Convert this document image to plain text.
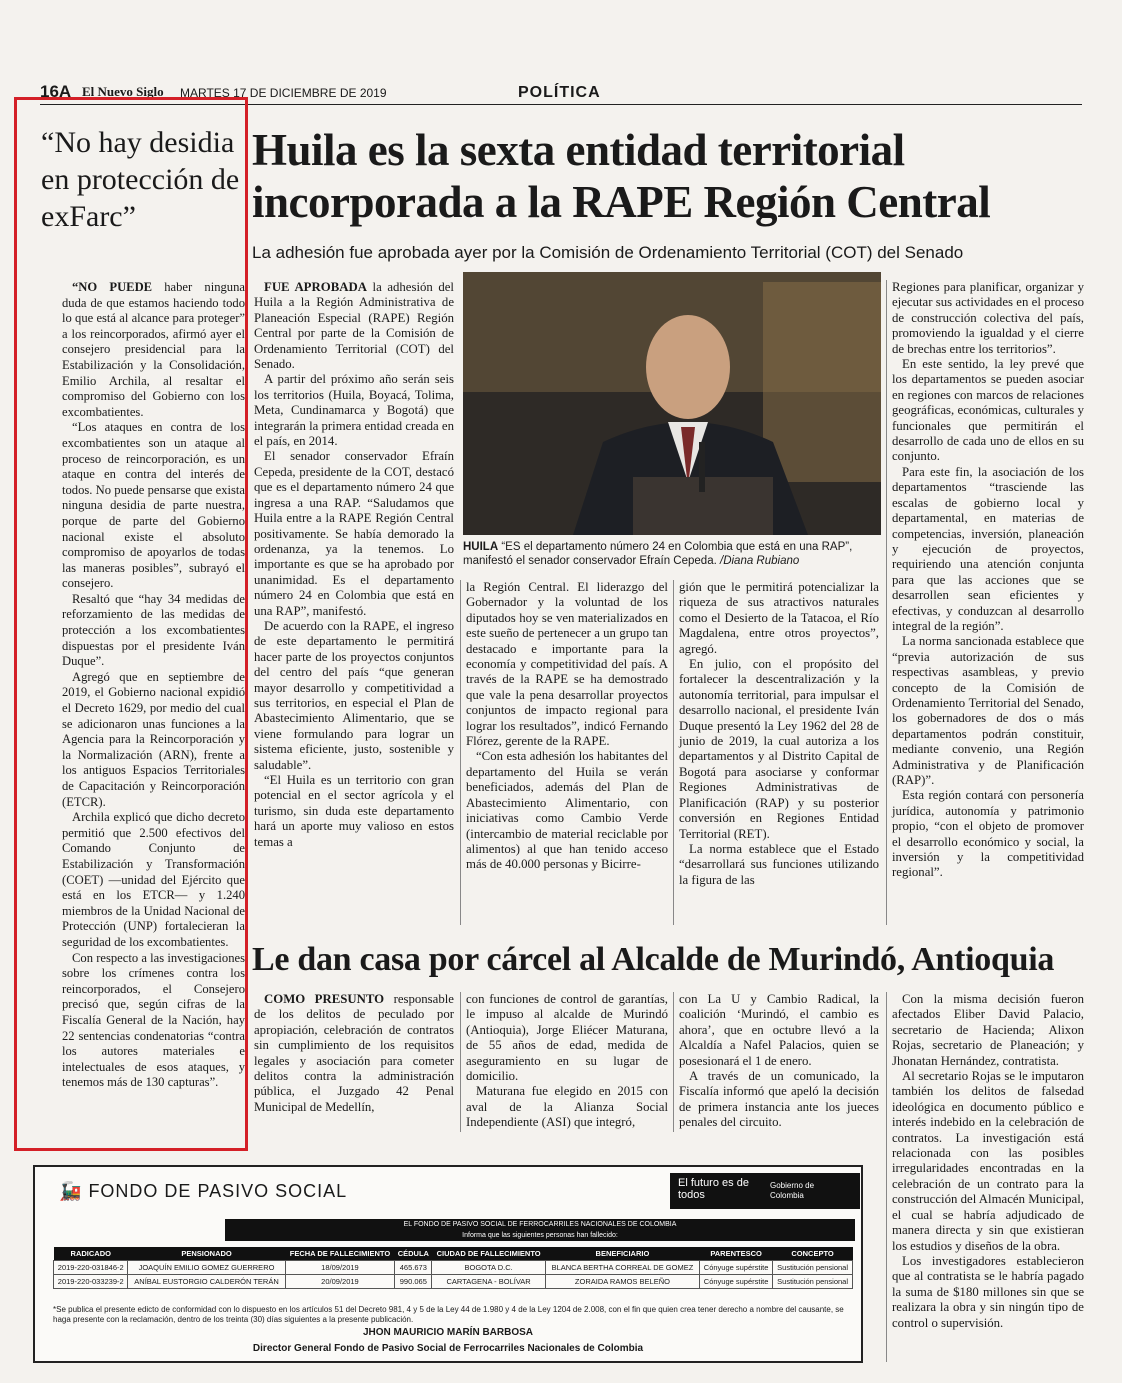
16A El Nuevo Siglo MARTES 17 DE DICIEMBRE DE 2019	POLÍTICA
“No hay desidia en protección de exFarc”

“NO PUEDE haber ninguna duda de que estamos haciendo todo lo que está al alcance para proteger” a los reincorporados, afirmó ayer el consejero presidencial para la Estabilización y la Consolidación, Emilio Archila, al resaltar el compromiso del Gobierno con los excombatientes.

“Los ataques en contra de los excombatientes son un ataque al proceso de reincorporación, es un ataque en contra del interés de todos. No puede pensarse que exista ninguna desidia de parte nuestra, porque de parte del Gobierno nacional existe el absoluto compromiso de apoyarlos de todas las maneras posibles”, subrayó el consejero.

Resaltó que “hay 34 medidas de reforzamiento de las medidas de protección a los excombatientes dispuestas por el presidente Iván Duque”.

Agregó que en septiembre de 2019, el Gobierno nacional expidió el Decreto 1629, por medio del cual se adicionaron unas funciones a la Agencia para la Reincorporación y la Normalización (ARN), frente a los antiguos Espacios Territoriales de Capacitación y Reincorporación (ETCR).

Archila explicó que dicho decreto permitió que 2.500 efectivos del Comando Conjunto de Estabilización y Transformación (COET) —unidad del Ejército que está en los ETCR— y 1.240 miembros de la Unidad Nacional de Protección (UNP) fortalecieran la seguridad de los excombatientes.

Con respecto a las investigaciones sobre los crímenes contra los reincorporados, el Consejero precisó que, según cifras de la Fiscalía General de la Nación, hay 22 sentencias condenatorias “contra los autores materiales e intelectuales de esos ataques, y tenemos más de 130 capturas”.

Huila es la sexta entidad territorial incorporada a la RAPE Región Central
La adhesión fue aprobada ayer por la Comisión de Ordenamiento Territorial (COT) del Senado

FUE APROBADA la adhesión del Huila a la Región Administrativa de Planeación Especial (RAPE) Región Central por parte de la Comisión de Ordenamiento Territorial (COT) del Senado.

A partir del próximo año serán seis los territorios (Huila, Boyacá, Tolima, Meta, Cundinamarca y Bogotá) que integrarán la primera entidad creada en el país, en 2014.

El senador conservador Efraín Cepeda, presidente de la COT, destacó que es el departamento número 24 que ingresa a una RAP. “Saludamos que Huila entre a la RAPE Región Central positivamente. Se había demorado la ordenanza, ya la tenemos. Lo importante es que se ha aprobado por unanimidad. Es el departamento número 24 en Colombia que está en una RAP”, manifestó.

De acuerdo con la RAPE, el ingreso de este departamento le permitirá hacer parte de los proyectos conjuntos del centro del país “que generan mayor desarrollo y competitividad a sus territorios, en especial el Plan de Abastecimiento Alimentario, que se viene formulando para lograr un sistema eficiente, justo, sostenible y saludable”.

“El Huila es un territorio con gran potencial en el sector agrícola y el turismo, sin duda este departamento hará un aporte muy valioso en estos temas a

HUILA “ES el departamento número 24 en Colombia que está en una RAP”, manifestó el senador conservador Efraín Cepeda. /Diana Rubiano

la Región Central. El liderazgo del Gobernador y la voluntad de los diputados hoy se ven materializados en este sueño de pertenecer a un grupo tan destacado e importante para la economía y competitividad del país. A través de la RAPE se ha demostrado que vale la pena desarrollar proyectos conjuntos de impacto regional para lograr los resultados”, indicó Fernando Flórez, gerente de la RAPE.

“Con esta adhesión los habitantes del departamento del Huila se verán beneficiados, además del Plan de Abastecimiento Alimentario, con iniciativas como Cambio Verde (intercambio de material reciclable por alimentos) al que han tenido acceso más de 40.000 personas y Bicirre-

gión que le permitirá potencializar la riqueza de sus atractivos naturales como el Desierto de la Tatacoa, el Río Magdalena, entre otros proyectos”, agregó.

En julio, con el propósito del fortalecer la descentralización y la autonomía territorial, para impulsar el desarrollo nacional, el presidente Iván Duque presentó la Ley 1962 del 28 de junio de 2019, la cual autoriza a los departamentos y al Distrito Capital de Bogotá para asociarse y conformar Regiones Administrativas de Planificación (RAP) y su posterior conversión en Regiones Entidad Territorial (RET).

La norma establece que el Estado “desarrollará sus funciones utilizando la figura de las

Regiones para planificar, organizar y ejecutar sus actividades en el proceso de construcción colectiva del país, promoviendo la igualdad y el cierre de brechas entre los territorios”.

En este sentido, la ley prevé que los departamentos se pueden asociar en regiones con marcos de relaciones geográficas, económicas, culturales y funcionales que permitirán el desarrollo de cada uno de ellos en su conjunto.

Para este fin, la asociación de los departamentos “trasciende las escalas de gobierno local y departamental, en materias de competencias, inversión, planeación y ejecución de proyectos, requiriendo una atención conjunta para que las acciones que se desarrollen sean eficientes y efectivas, y conduzcan al desarrollo integral de la región”.

La norma sancionada establece que “previa autorización de sus respectivas asambleas, y previo concepto de la Comisión de Ordenamiento Territorial del Senado, los gobernadores de dos o más departamentos podrán constituir, mediante convenio, una Región Administrativa y de Planificación (RAP)”.

Esta región contará con personería jurídica, autonomía y patrimonio propio, “con el objeto de promover el desarrollo económico y social, la inversión y la competitividad regional”.

Le dan casa por cárcel al Alcalde de Murindó, Antioquia

COMO PRESUNTO responsable de los delitos de peculado por apropiación, celebración de contratos sin cumplimiento de los requisitos legales y asociación para cometer delitos contra la administración pública, el Juzgado 42 Penal Municipal de Medellín,

con funciones de control de garantías, le impuso al alcalde de Murindó (Antioquia), Jorge Eliécer Maturana, de 55 años de edad, medida de aseguramiento en su lugar de domicilio.

Maturana fue elegido en 2015 con aval de la Alianza Social Independiente (ASI) que integró,

con La U y Cambio Radical, la coalición ‘Murindó, el cambio es ahora’, que en octubre llevó a la Alcaldía a Nafel Palacios, quien se posesionará el 1 de enero.

A través de un comunicado, la Fiscalía informó que apeló la decisión de primera instancia ante los jueces penales del circuito.

Con la misma decisión fueron afectados Eliber David Palacio, secretario de Hacienda; Alixon Rojas, secretario de Planeación; y Jhonatan Hernández, contratista.

Al secretario Rojas se le imputaron también los delitos de falsedad ideológica en documento público e interés indebido en la celebración de contratos. La investigación está relacionada con las posibles irregularidades encontradas en la celebración de un contrato para la construcción del Almacén Municipal, el cual se habría adjudicado de manera directa y sin que existieran los estudios y diseños de la obra.

Los investigadores establecieron que al contratista se le habría pagado la suma de $180 millones sin que se realizara la obra y sin ningún tipo de control o supervisión.

🚂 FONDO DE PASIVO SOCIAL	El futuro es de todos
Gobierno de Colombia
EL FONDO DE PASIVO SOCIAL DE FERROCARRILES NACIONALES DE COLOMBIA
Informa que las siguientes personas han fallecido:
RADICADO	PENSIONADO	FECHA DE FALLECIMIENTO	CÉDULA	CIUDAD DE FALLECIMIENTO	BENEFICIARIO	PARENTESCO	CONCEPTO
2019-220-031846-2	JOAQUÍN EMILIO GOMEZ GUERRERO	18/09/2019	465.673	BOGOTA D.C.	BLANCA BERTHA CORREAL DE GOMEZ	Cónyuge supérstite	Sustitución pensional
2019-220-033239-2	ANÍBAL EUSTORGIO CALDERÓN TERÁN	20/09/2019	990.065	CARTAGENA - BOLÍVAR	ZORAIDA RAMOS BELEÑO	Cónyuge supérstite	Sustitución pensional
*Se publica el presente edicto de conformidad con lo dispuesto en los artículos 51 del Decreto 981, 4 y 5 de la Ley 44 de 1.980 y 4 de la Ley 1204 de 2.008, con el fin que quien crea tener derecho a nombre del causante, se haga presente con la reclamación, dentro de los treinta (30) días siguientes a la presente publicación.
JHON MAURICIO MARÍN BARBOSA
Director General Fondo de Pasivo Social de Ferrocarriles Nacionales de Colombia
